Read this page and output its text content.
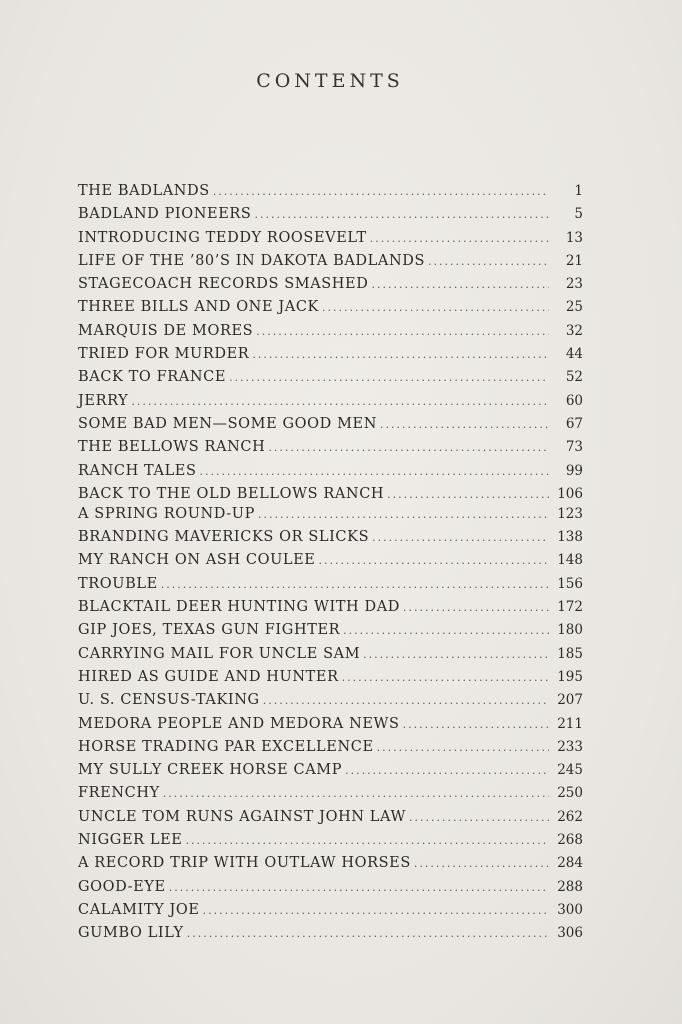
CONTENTS
THE BADLANDS .....	1
BADLAND PIONEERS .....	5
INTRODUCING TEDDY ROOSEVELT .....	13
LIFE OF THE ’80’S IN DAKOTA BADLANDS .....	21
STAGECOACH RECORDS SMASHED .....	23
THREE BILLS AND ONE JACK .....	25
MARQUIS DE MORES .....	32
TRIED FOR MURDER .....	44
BACK TO FRANCE .....	52
JERRY .....	60
SOME BAD MEN—SOME GOOD MEN .....	67
THE BELLOWS RANCH .....	73
RANCH TALES .....	99
BACK TO THE OLD BELLOWS RANCH .....	106
A SPRING ROUND-UP .....	123
BRANDING MAVERICKS OR SLICKS .....	138
MY RANCH ON ASH COULEE .....	148
TROUBLE .....	156
BLACKTAIL DEER HUNTING WITH DAD .....	172
GIP JOES, TEXAS GUN FIGHTER .....	180
CARRYING MAIL FOR UNCLE SAM .....	185
HIRED AS GUIDE AND HUNTER .....	195
U. S. CENSUS-TAKING .....	207
MEDORA PEOPLE AND MEDORA NEWS .....	211
HORSE TRADING PAR EXCELLENCE .....	233
MY SULLY CREEK HORSE CAMP .....	245
FRENCHY .....	250
UNCLE TOM RUNS AGAINST JOHN LAW .....	262
NIGGER LEE .....	268
A RECORD TRIP WITH OUTLAW HORSES .....	284
GOOD-EYE .....	288
CALAMITY JOE .....	300
GUMBO LILY .....	306
